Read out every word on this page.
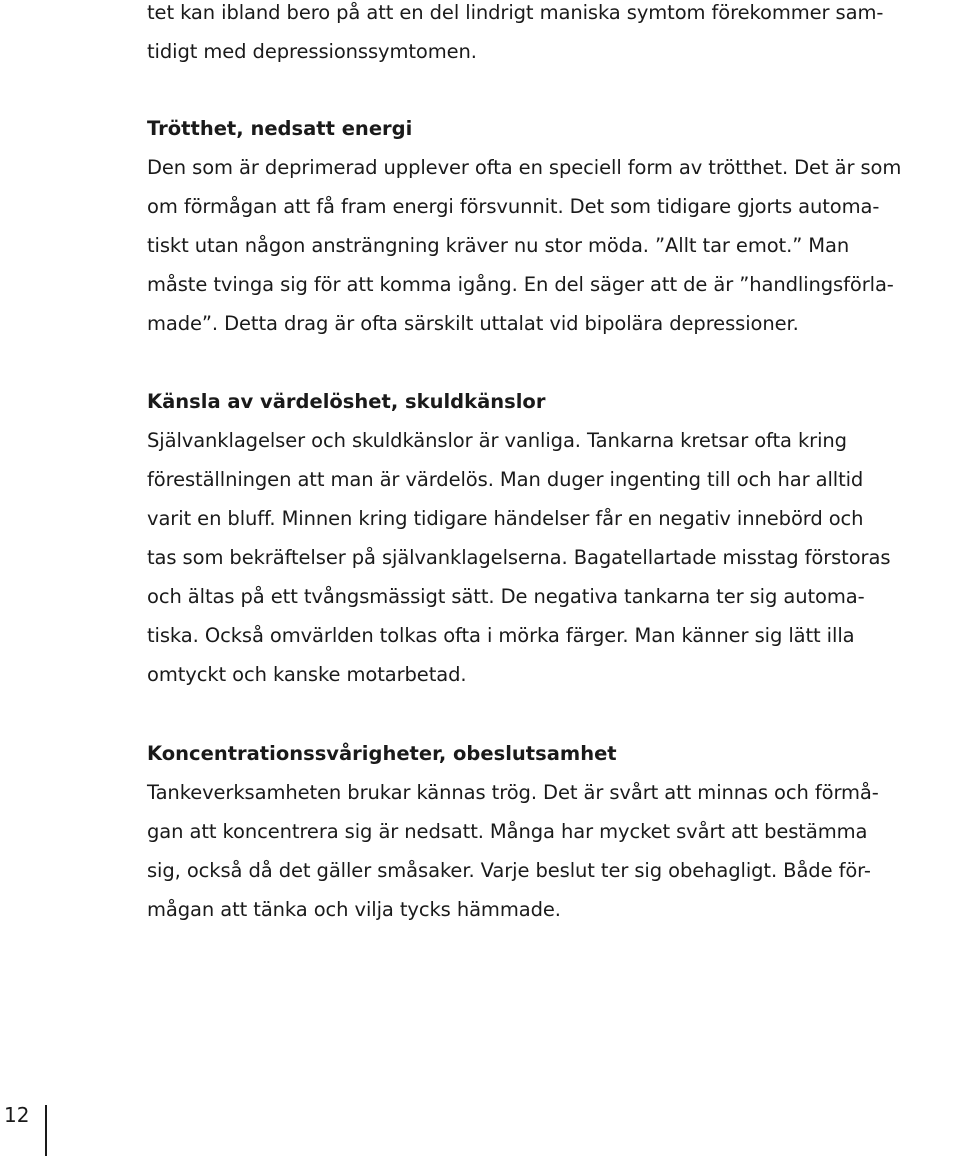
tet kan ibland bero på att en del lindrigt maniska symtom förekommer sam-
tidigt med depressionssymtomen.

Trötthet, nedsatt energi

Den som är deprimerad upplever ofta en speciell form av trötthet. Det är som
om förmågan att få fram energi försvunnit. Det som tidigare gjorts automa-
tiskt utan någon ansträngning kräver nu stor möda. ”Allt tar emot.” Man
måste tvinga sig för att komma igång. En del säger att de är ”handlingsförla-
made”. Detta drag är ofta särskilt uttalat vid bipolära depressioner.

Känsla av värdelöshet, skuldkänslor

Självanklagelser och skuldkänslor är vanliga. Tankarna kretsar ofta kring
föreställningen att man är värdelös. Man duger ingenting till och har alltid
varit en bluff. Minnen kring tidigare händelser får en negativ innebörd och
tas som bekräftelser på självanklagelserna. Bagatellartade misstag förstoras
och ältas på ett tvångsmässigt sätt. De negativa tankarna ter sig automa-
tiska. Också omvärlden tolkas ofta i mörka färger. Man känner sig lätt illa
omtyckt och kanske motarbetad.

Koncentrationssvårigheter, obeslutsamhet

Tankeverksamheten brukar kännas trög. Det är svårt att minnas och förmå-
gan att koncentrera sig är nedsatt. Många har mycket svårt att bestämma
sig, också då det gäller småsaker. Varje beslut ter sig obehagligt. Både för-
mågan att tänka och vilja tycks hämmade.

12
